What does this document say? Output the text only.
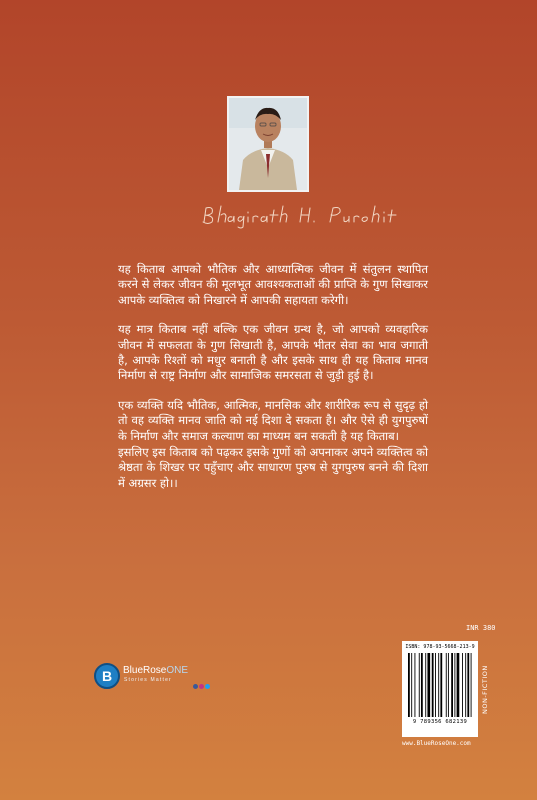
यह किताब आपको भौतिक और आध्यात्मिक जीवन में संतुलन स्थापित करने से लेकर जीवन की मूलभूत आवश्यकताओं की प्राप्ति के गुण सिखाकर आपके व्यक्तित्व को निखारने में आपकी सहायता करेगी।

यह मात्र किताब नहीं बल्कि एक जीवन ग्रन्थ है, जो आपको व्यवहारिक जीवन में सफलता के गुण सिखाती है, आपके भीतर सेवा का भाव जगाती है, आपके रिश्तों को मधुर बनाती है और इसके साथ ही यह किताब मानव निर्माण से राष्ट्र निर्माण और सामाजिक समरसता से जुड़ी हुई है।

एक व्यक्ति यदि भौतिक, आत्मिक, मानसिक और शारीरिक रूप से सुदृढ़ हो तो वह व्यक्ति मानव जाति को नई दिशा दे सकता है। और ऐसे ही युगपुरुषों के निर्माण और समाज कल्याण का माध्यम बन सकती है यह किताब।

इसलिए इस किताब को पढ़कर इसके गुणों को अपनाकर अपने व्यक्तित्व को श्रेष्ठता के शिखर पर पहुँचाए और साधारण पुरुष से युगपुरुष बनने की दिशा में अग्रसर हो।।

B	BlueRoseONE
Stories Matter
INR 380
ISBN: 978-93-5668-213-9
9 789356 682139
NON-FICTION
www.BlueRoseOne.com
